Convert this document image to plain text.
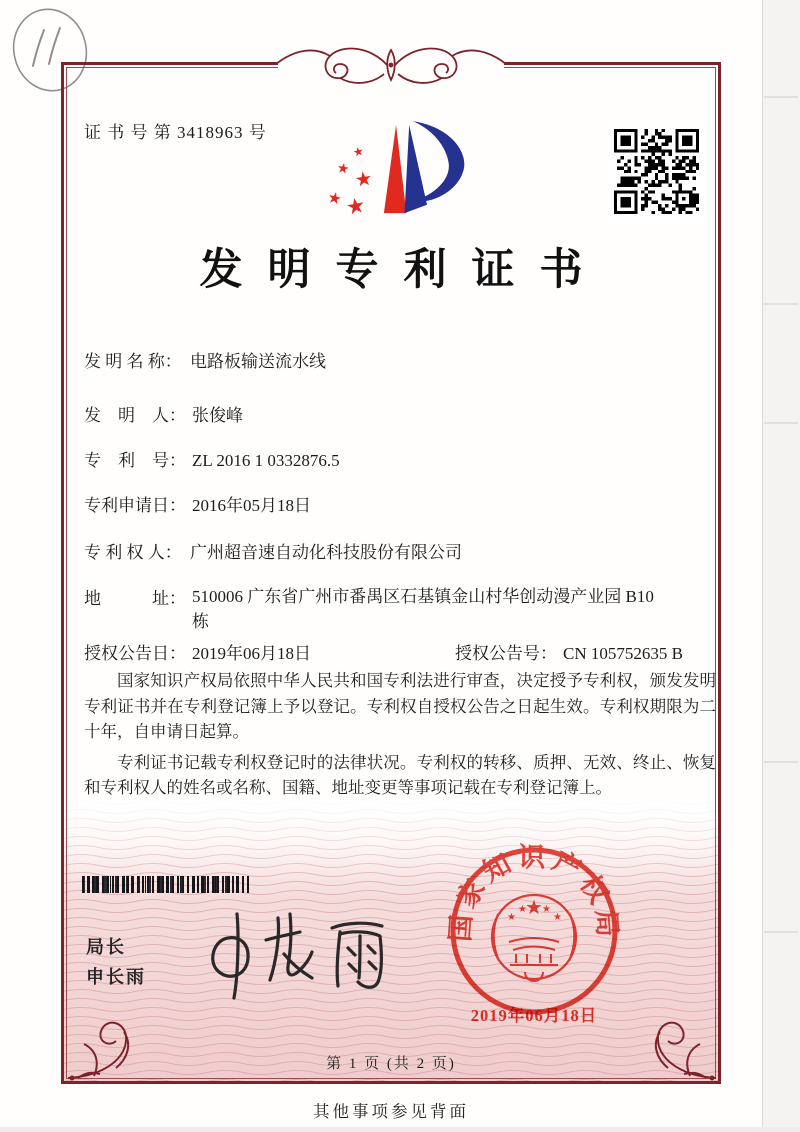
证 书 号 第 3418963 号
★
★ ★
★ ★
发明专利证书
发 明 名 称： 电路板输送流水线
发　明　人： 张俊峰
专　利　号： ZL 2016 1 0332876.5
专利申请日： 2016年05月18日
专 利 权 人： 广州超音速自动化科技股份有限公司
地　　　址： 510006 广东省广州市番禺区石基镇金山村华创动漫产业园 B10 栋
授权公告日： 2019年06月18日	授权公告号： CN 105752635 B

国家知识产权局依照中华人民共和国专利法进行审查，决定授予专利权，颁发发明专利证书并在专利登记簿上予以登记。专利权自授权公告之日起生效。专利权期限为二十年，自申请日起算。

专利证书记载专利权登记时的法律状况。专利权的转移、质押、无效、终止、恢复和专利权人的姓名或名称、国籍、地址变更等事项记载在专利登记簿上。

局长
申长雨
国家知识产权局
★
★
★ ★
★
2019年06月18日
第 1 页 (共 2 页)
其他事项参见背面
